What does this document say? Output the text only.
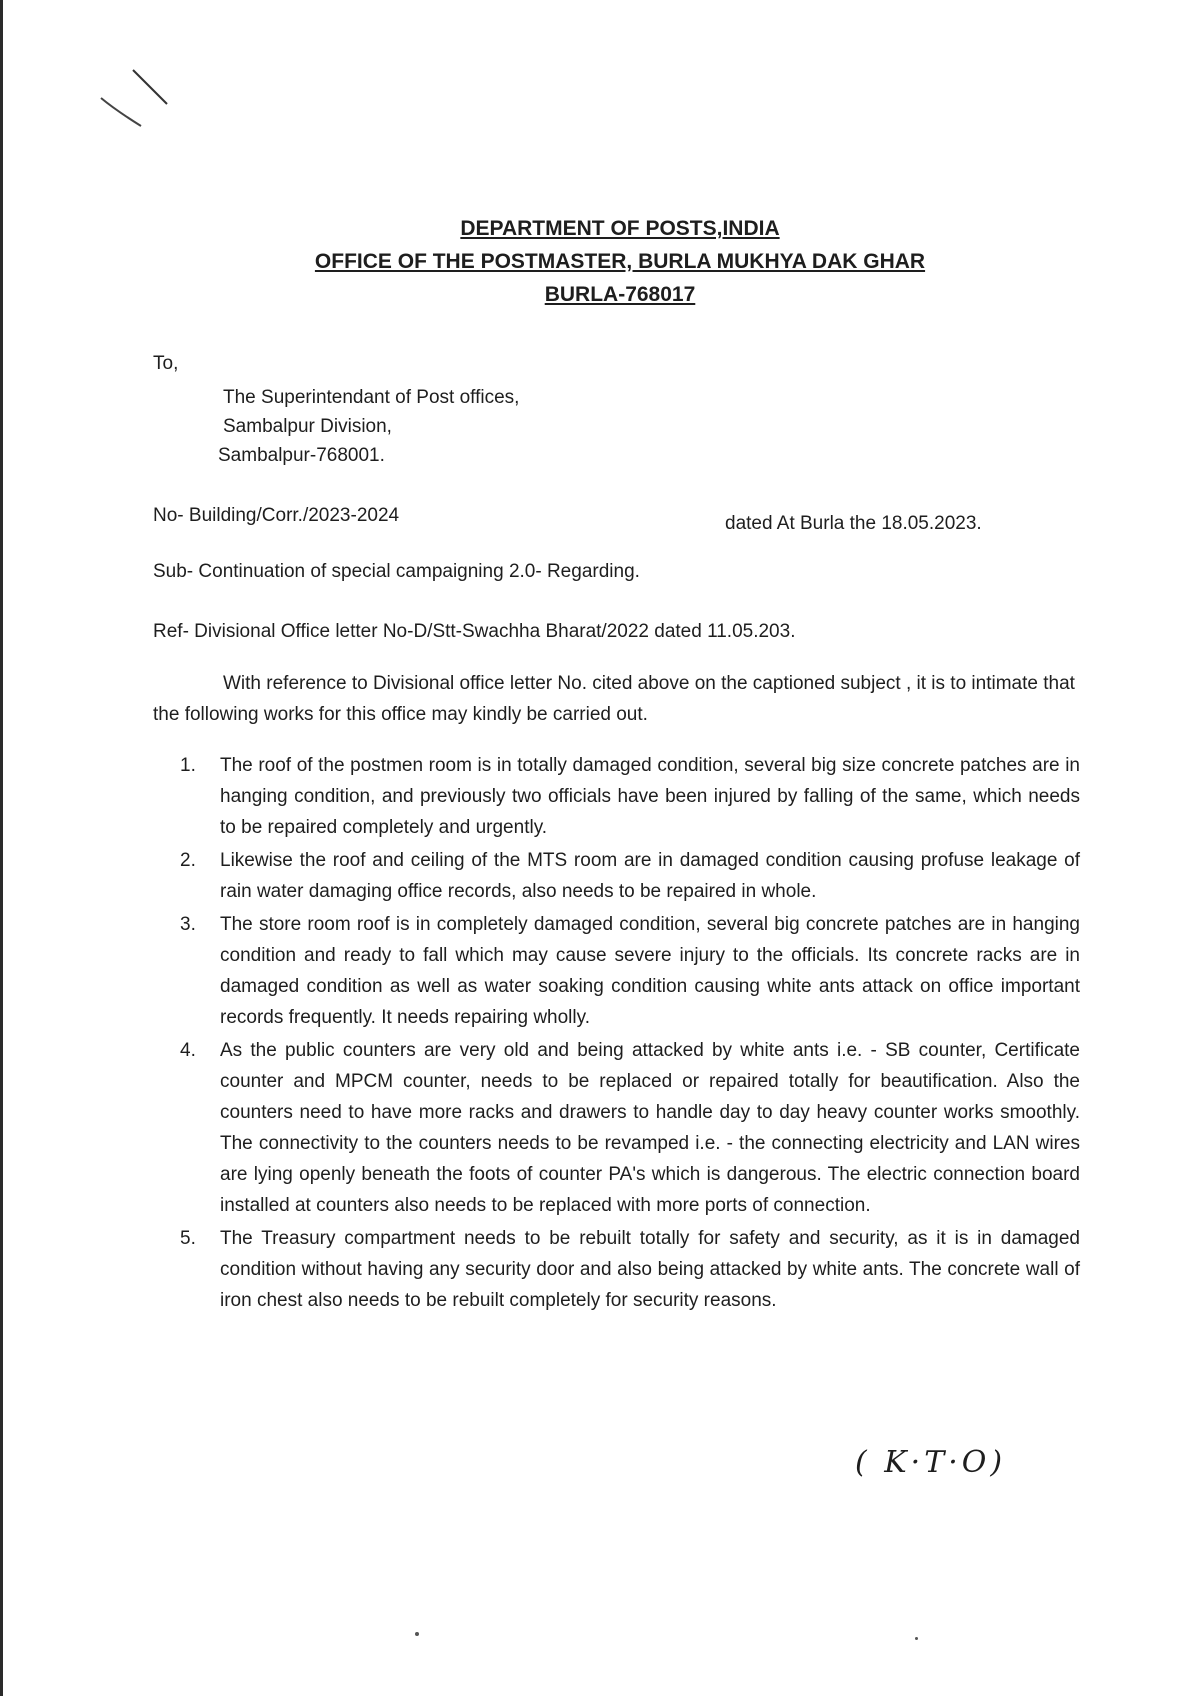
DEPARTMENT OF POSTS,INDIA
OFFICE OF THE POSTMASTER, BURLA MUKHYA DAK GHAR
BURLA-768017
To,
The Superintendant of Post offices,
Sambalpur Division,
Sambalpur-768001.
No- Building/Corr./2023-2024	dated At Burla the 18.05.2023.
Sub- Continuation of special campaigning 2.0- Regarding.
Ref- Divisional Office letter No-D/Stt-Swachha Bharat/2022 dated 11.05.203.
With reference to Divisional office letter No. cited above on the captioned subject , it is to intimate that the following works for this office may kindly be carried out.
1. The roof of the postmen room is in totally damaged condition, several big size concrete patches are in hanging condition, and previously two officials have been injured by falling of the same, which needs to be repaired completely and urgently.
2. Likewise the roof and ceiling of the MTS room are in damaged condition causing profuse leakage of rain water damaging office records, also needs to be repaired in whole.
3. The store room roof is in completely damaged condition, several big concrete patches are in hanging condition and ready to fall which may cause severe injury to the officials. Its concrete racks are in damaged condition as well as water soaking condition causing white ants attack on office important records frequently. It needs repairing wholly.
4. As the public counters are very old and being attacked by white ants i.e. - SB counter, Certificate counter and MPCM counter, needs to be replaced or repaired totally for beautification. Also the counters need to have more racks and drawers to handle day to day heavy counter works smoothly. The connectivity to the counters needs to be revamped i.e. - the connecting electricity and LAN wires are lying openly beneath the foots of counter PA's which is dangerous. The electric connection board installed at counters also needs to be replaced with more ports of connection.
5. The Treasury compartment needs to be rebuilt totally for safety and security, as it is in damaged condition without having any security door and also being attacked by white ants. The concrete wall of iron chest also needs to be rebuilt completely for security reasons.
( K·T·O)
